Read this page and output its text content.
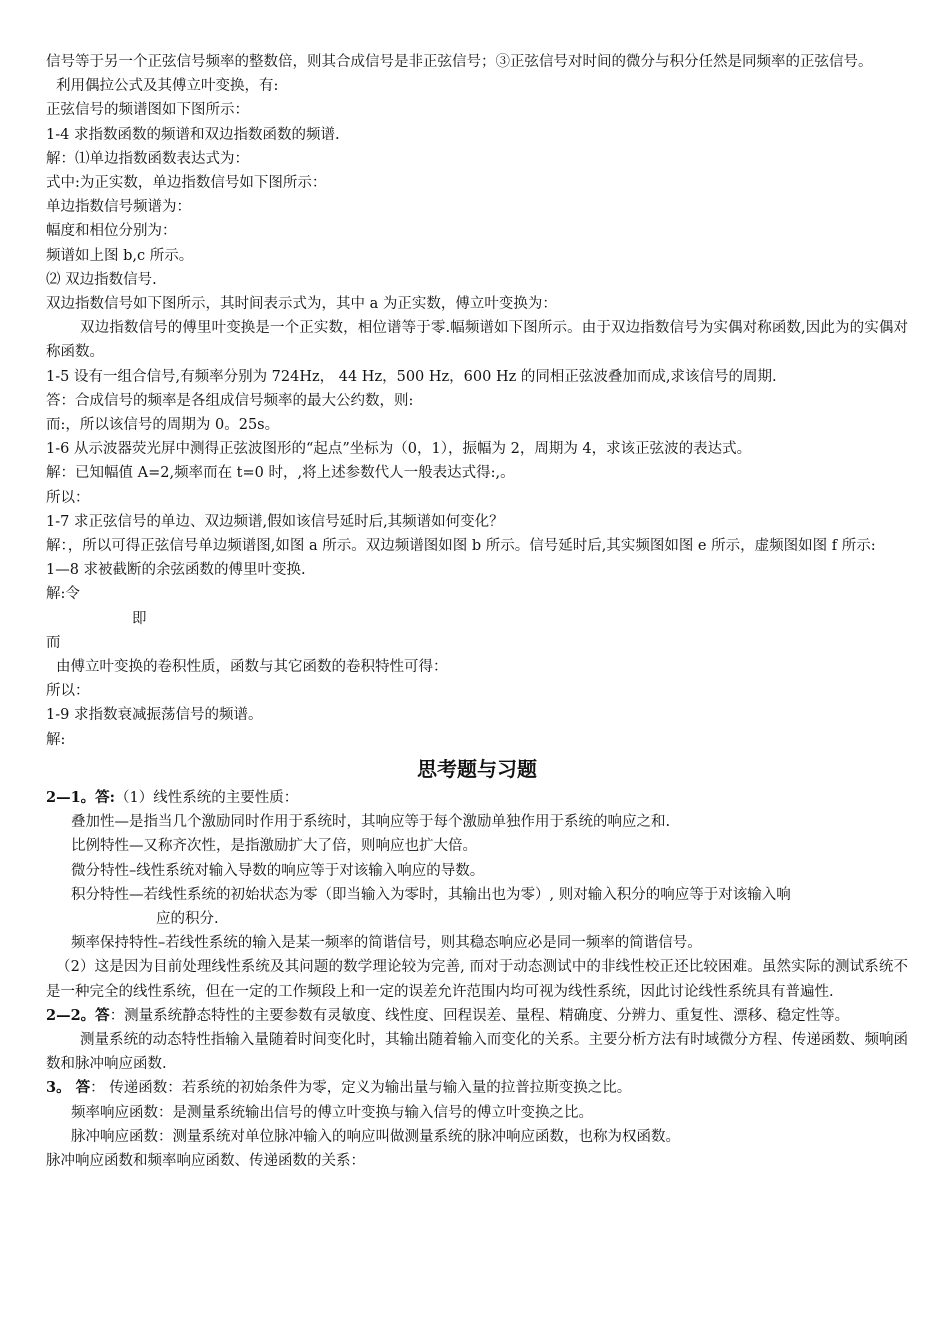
信号等于另一个正弦信号频率的整数倍，则其合成信号是非正弦信号；③正弦信号对时间的微分与积分任然是同频率的正弦信号。

利用偶拉公式及其傅立叶变换，有:

正弦信号的频谱图如下图所示：

1-4 求指数函数的频谱和双边指数函数的频谱.

解：⑴单边指数函数表达式为：

式中:为正实数，单边指数信号如下图所示：

单边指数信号频谱为：

幅度和相位分别为：

频谱如上图 b,c 所示。

⑵ 双边指数信号.

双边指数信号如下图所示，其时间表示式为，其中 a 为正实数，傅立叶变换为：

双边指数信号的傅里叶变换是一个正实数，相位谱等于零.幅频谱如下图所示。由于双边指数信号为实偶对称函数,因此为的实偶对称函数。

1-5 设有一组合信号,有频率分别为 724Hz， 44 Hz，500 Hz，600 Hz 的同相正弦波叠加而成,求该信号的周期.

答：合成信号的频率是各组成信号频率的最大公约数，则:

而:，所以该信号的周期为 0。25s。

1-6 从示波器荧光屏中测得正弦波图形的“起点”坐标为（0，1），振幅为 2，周期为 4，求该正弦波的表达式。

解：已知幅值 A=2,频率而在 t=0 时，,将上述参数代人一般表达式得:,。

所以：

1-7 求正弦信号的单边、双边频谱,假如该信号延时后,其频谱如何变化？

解：，所以可得正弦信号单边频谱图,如图 a 所示。双边频谱图如图 b 所示。信号延时后,其实频图如图 e 所示，虚频图如图 f 所示:

1—8 求被截断的余弦函数的傅里叶变换.

解:令

即

而

由傅立叶变换的卷积性质，函数与其它函数的卷积特性可得：

所以：

1-9 求指数衰减振荡信号的频谱。

解:

思考题与习题

2—1。答:（1）线性系统的主要性质：

叠加性—是指当几个激励同时作用于系统时，其响应等于每个激励单独作用于系统的响应之和.

比例特性—又称齐次性，是指激励扩大了倍，则响应也扩大倍。

微分特性–线性系统对输入导数的响应等于对该输入响应的导数。

积分特性—若线性系统的初始状态为零（即当输入为零时，其输出也为零）, 则对输入积分的响应等于对该输入响

应的积分.

频率保持特性–若线性系统的输入是某一频率的简谐信号，则其稳态响应必是同一频率的简谐信号。

（2）这是因为目前处理线性系统及其问题的数学理论较为完善, 而对于动态测试中的非线性校正还比较困难。虽然实际的测试系统不是一种完全的线性系统，但在一定的工作频段上和一定的误差允许范围内均可视为线性系统，因此讨论线性系统具有普遍性.

2—2。答：测量系统静态特性的主要参数有灵敏度、线性度、回程误差、量程、精确度、分辨力、重复性、漂移、稳定性等。

测量系统的动态特性指输入量随着时间变化时，其输出随着输入而变化的关系。主要分析方法有时域微分方程、传递函数、频响函数和脉冲响应函数.

3。 答： 传递函数：若系统的初始条件为零，定义为输出量与输入量的拉普拉斯变换之比。

频率响应函数：是测量系统输出信号的傅立叶变换与输入信号的傅立叶变换之比。

脉冲响应函数：测量系统对单位脉冲输入的响应叫做测量系统的脉冲响应函数，也称为权函数。

脉冲响应函数和频率响应函数、传递函数的关系：
